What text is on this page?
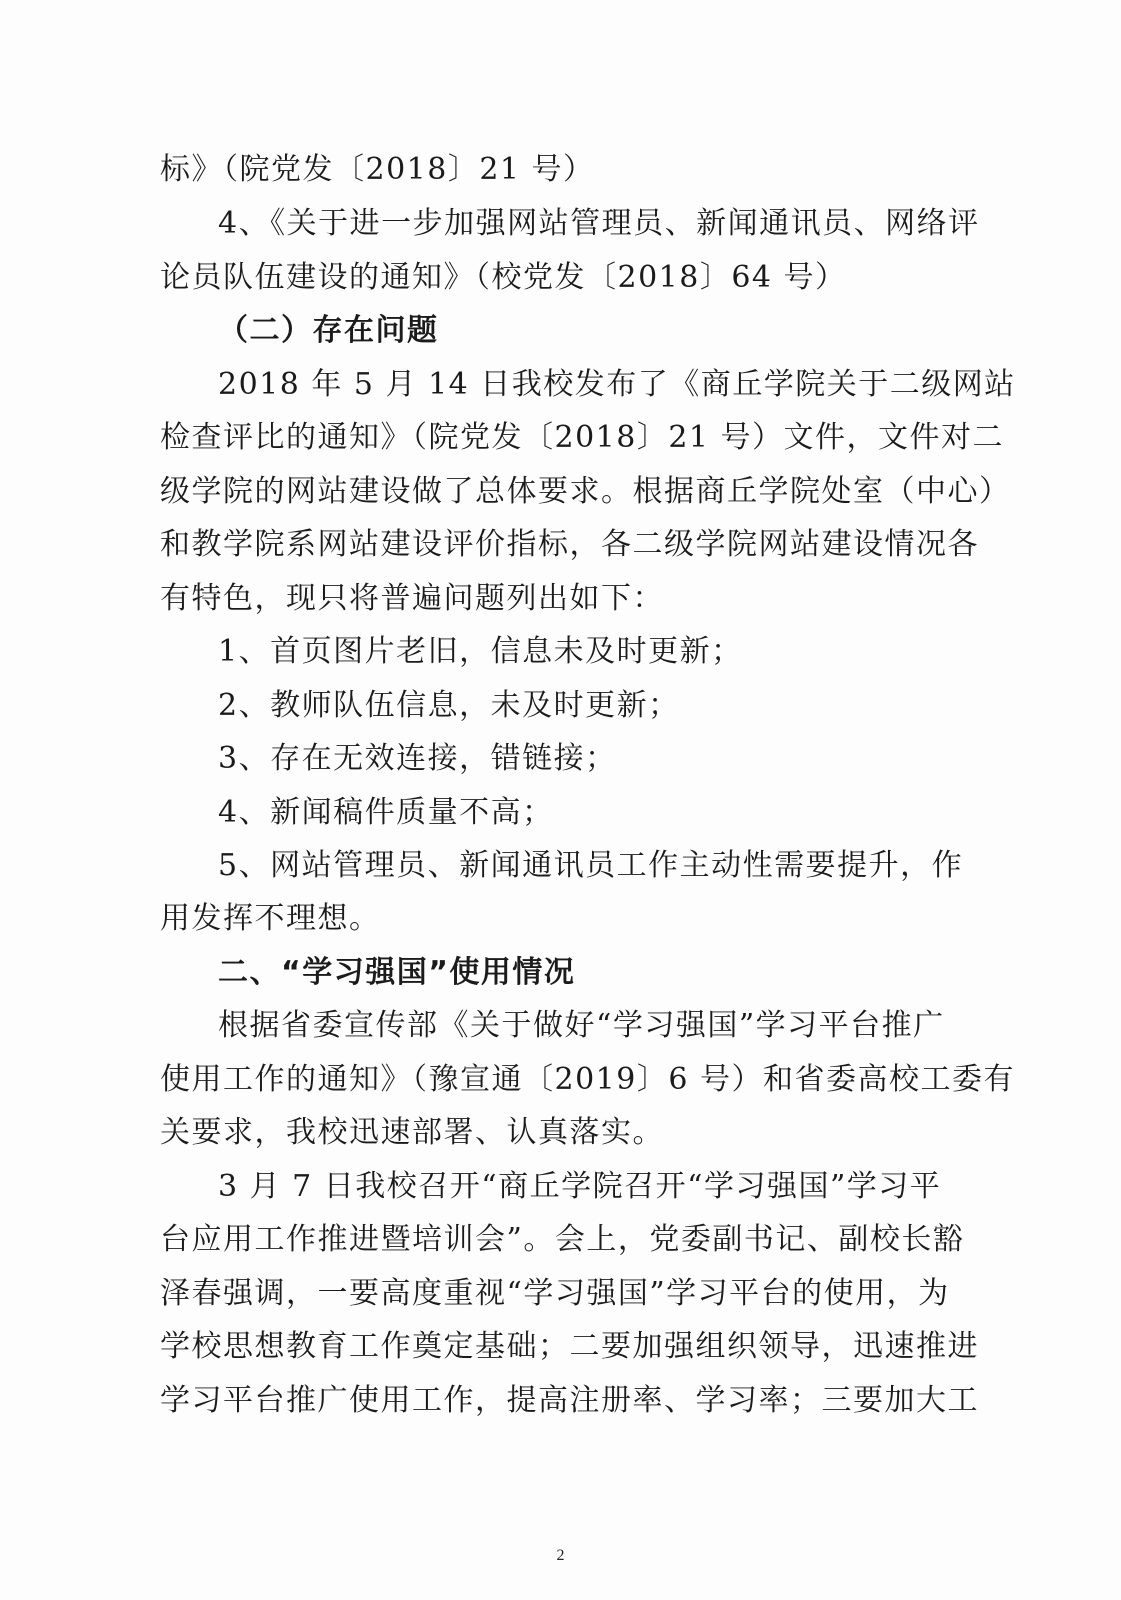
标》（院党发〔2018〕21 号）
4、《关于进一步加强网站管理员、新闻通讯员、网络评
论员队伍建设的通知》（校党发〔2018〕64 号）
（二）存在问题
2018 年 5 月 14 日我校发布了《商丘学院关于二级网站
检查评比的通知》（院党发〔2018〕21 号）文件，文件对二
级学院的网站建设做了总体要求。根据商丘学院处室（中心）
和教学院系网站建设评价指标，各二级学院网站建设情况各
有特色，现只将普遍问题列出如下：
1、首页图片老旧，信息未及时更新；
2、教师队伍信息，未及时更新；
3、存在无效连接，错链接；
4、新闻稿件质量不高；
5、网站管理员、新闻通讯员工作主动性需要提升，作
用发挥不理想。
二、“学习强国”使用情况
根据省委宣传部《关于做好“学习强国”学习平台推广
使用工作的通知》（豫宣通〔2019〕6 号）和省委高校工委有
关要求，我校迅速部署、认真落实。
3 月 7 日我校召开“商丘学院召开“学习强国”学习平
台应用工作推进暨培训会”。会上，党委副书记、副校长豁
泽春强调，一要高度重视“学习强国”学习平台的使用，为
学校思想教育工作奠定基础；二要加强组织领导，迅速推进
学习平台推广使用工作，提高注册率、学习率；三要加大工
2
